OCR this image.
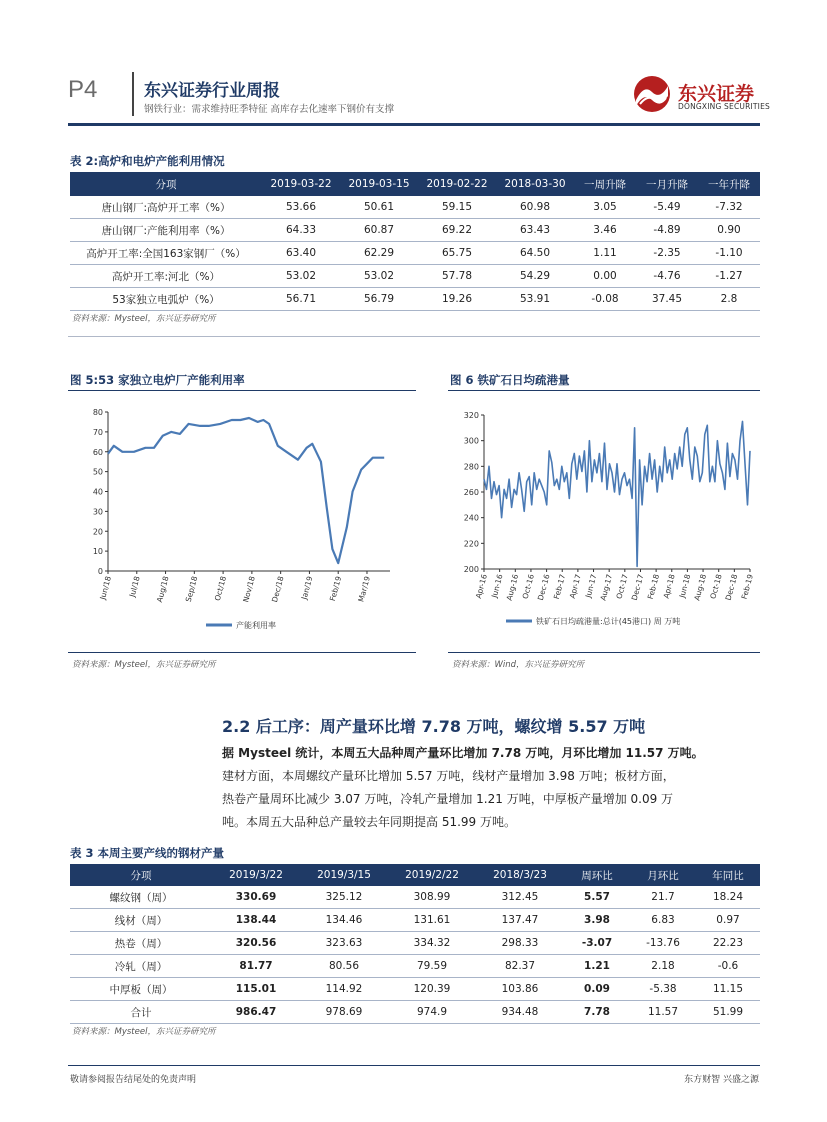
P4	东兴证券行业周报
钢铁行业：需求维持旺季特征 高库存去化速率下钢价有支撑
东兴证券
DONGXING SECURITIES
表 2:高炉和电炉产能利用情况
分项	2019-03-22	2019-03-15	2019-02-22	2018-03-30	一周升降	一月升降	一年升降
唐山钢厂:高炉开工率（%）	53.66	50.61	59.15	60.98	3.05	-5.49	-7.32
唐山钢厂:产能利用率（%）	64.33	60.87	69.22	63.43	3.46	-4.89	0.90
高炉开工率:全国163家钢厂（%）	63.40	62.29	65.75	64.50	1.11	-2.35	-1.10
高炉开工率:河北（%）	53.02	53.02	57.78	54.29	0.00	-4.76	-1.27
53家独立电弧炉（%）	56.71	56.79	19.26	53.91	-0.08	37.45	2.8
资料来源：Mysteel，东兴证券研究所
图 5:53 家独立电炉厂产能利用率
0
10
20
30
40
50
60
70
80
Jun/18 Jul/18 Aug/18 Sep/18 Oct/18 Nov/18 Dec/18 Jan/19 Feb/19 Mar/19
产能利用率
资料来源：Mysteel，东兴证券研究所
图 6 铁矿石日均疏港量
200
220
240
260
280
300
320
Apr-16 Jun-16 Aug-16 Oct-16 Dec-16 Feb-17 Apr-17 Jun-17 Aug-17 Oct-17 Dec-17 Feb-18 Apr-18 Jun-18 Aug-18 Oct-18 Dec-18 Feb-19
铁矿石日均疏港量:总计(45港口) 周 万吨
资料来源：Wind，东兴证券研究所
2.2 后工序：周产量环比增 7.78 万吨，螺纹增 5.57 万吨
据 Mysteel 统计，本周五大品种周产量环比增加 7.78 万吨，月环比增加 11.57 万吨。
建材方面，本周螺纹产量环比增加 5.57 万吨，线材产量增加 3.98 万吨；板材方面，
热卷产量周环比减少 3.07 万吨，冷轧产量增加 1.21 万吨，中厚板产量增加 0.09 万
吨。本周五大品种总产量较去年同期提高 51.99 万吨。
表 3 本周主要产线的钢材产量
分项	2019/3/22	2019/3/15	2019/2/22	2018/3/23	周环比	月环比	年同比
螺纹钢（周）	330.69	325.12	308.99	312.45	5.57	21.7	18.24
线材（周）	138.44	134.46	131.61	137.47	3.98	6.83	0.97
热卷（周）	320.56	323.63	334.32	298.33	-3.07	-13.76	22.23
冷轧（周）	81.77	80.56	79.59	82.37	1.21	2.18	-0.6
中厚板（周）	115.01	114.92	120.39	103.86	0.09	-5.38	11.15
合计	986.47	978.69	974.9	934.48	7.78	11.57	51.99
资料来源：Mysteel，东兴证券研究所
敬请参阅报告结尾处的免责声明	东方财智 兴盛之源
